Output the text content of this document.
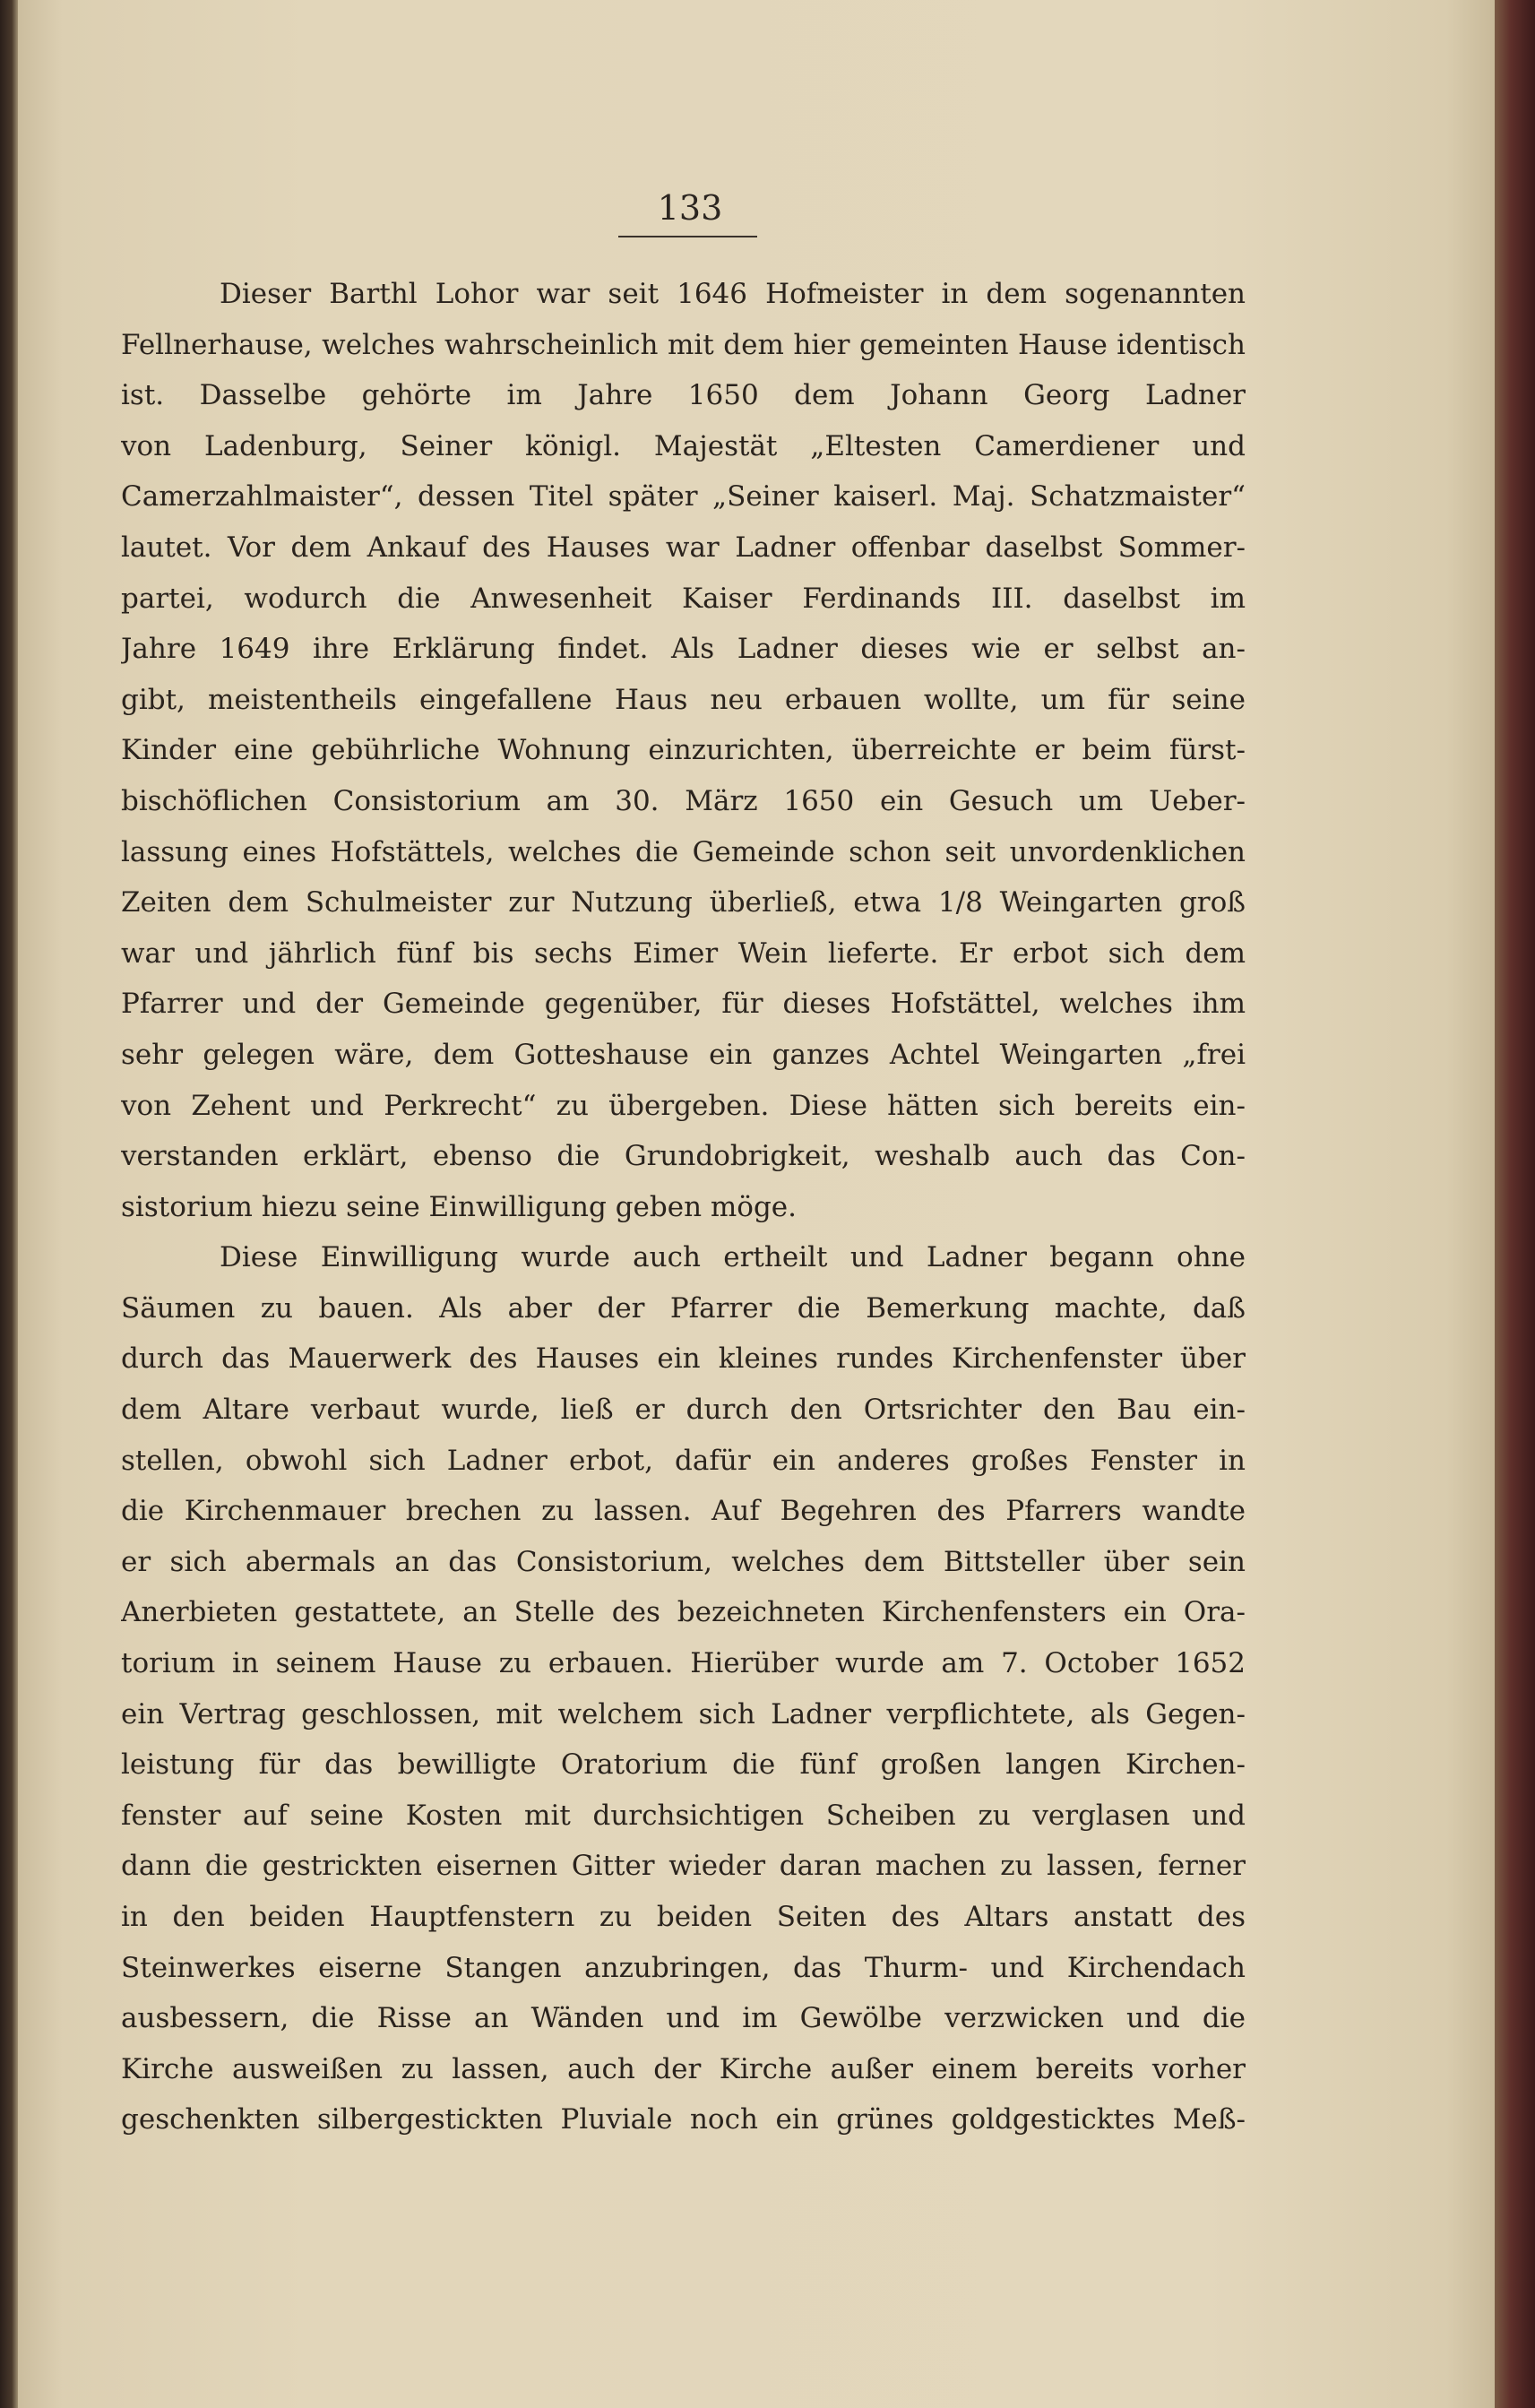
133
Dieser Barthl Lohor war seit 1646 Hofmeister in dem sogenannten
Fellnerhause, welches wahrscheinlich mit dem hier gemeinten Hause identisch
ist. Dasselbe gehörte im Jahre 1650 dem Johann Georg Ladner
von Ladenburg, Seiner königl. Majestät „Eltesten Camerdiener und
Camerzahlmaister“, dessen Titel später „Seiner kaiserl. Maj. Schatzmaister“
lautet. Vor dem Ankauf des Hauses war Ladner offenbar daselbst Sommer-
partei, wodurch die Anwesenheit Kaiser Ferdinands III. daselbst im
Jahre 1649 ihre Erklärung findet. Als Ladner dieses wie er selbst an-
gibt, meistentheils eingefallene Haus neu erbauen wollte, um für seine
Kinder eine gebührliche Wohnung einzurichten, überreichte er beim fürst-
bischöflichen Consistorium am 30. März 1650 ein Gesuch um Ueber-
lassung eines Hofstättels, welches die Gemeinde schon seit unvordenklichen
Zeiten dem Schulmeister zur Nutzung überließ, etwa 1/8 Weingarten groß
war und jährlich fünf bis sechs Eimer Wein lieferte. Er erbot sich dem
Pfarrer und der Gemeinde gegenüber, für dieses Hofstättel, welches ihm
sehr gelegen wäre, dem Gotteshause ein ganzes Achtel Weingarten „frei
von Zehent und Perkrecht“ zu übergeben. Diese hätten sich bereits ein-
verstanden erklärt, ebenso die Grundobrigkeit, weshalb auch das Con-
sistorium hiezu seine Einwilligung geben möge.
Diese Einwilligung wurde auch ertheilt und Ladner begann ohne
Säumen zu bauen. Als aber der Pfarrer die Bemerkung machte, daß
durch das Mauerwerk des Hauses ein kleines rundes Kirchenfenster über
dem Altare verbaut wurde, ließ er durch den Ortsrichter den Bau ein-
stellen, obwohl sich Ladner erbot, dafür ein anderes großes Fenster in
die Kirchenmauer brechen zu lassen. Auf Begehren des Pfarrers wandte
er sich abermals an das Consistorium, welches dem Bittsteller über sein
Anerbieten gestattete, an Stelle des bezeichneten Kirchenfensters ein Ora-
torium in seinem Hause zu erbauen. Hierüber wurde am 7. October 1652
ein Vertrag geschlossen, mit welchem sich Ladner verpflichtete, als Gegen-
leistung für das bewilligte Oratorium die fünf großen langen Kirchen-
fenster auf seine Kosten mit durchsichtigen Scheiben zu verglasen und
dann die gestrickten eisernen Gitter wieder daran machen zu lassen, ferner
in den beiden Hauptfenstern zu beiden Seiten des Altars anstatt des
Steinwerkes eiserne Stangen anzubringen, das Thurm- und Kirchendach
ausbessern, die Risse an Wänden und im Gewölbe verzwicken und die
Kirche ausweißen zu lassen, auch der Kirche außer einem bereits vorher
geschenkten silbergestickten Pluviale noch ein grünes goldgesticktes Meß-
